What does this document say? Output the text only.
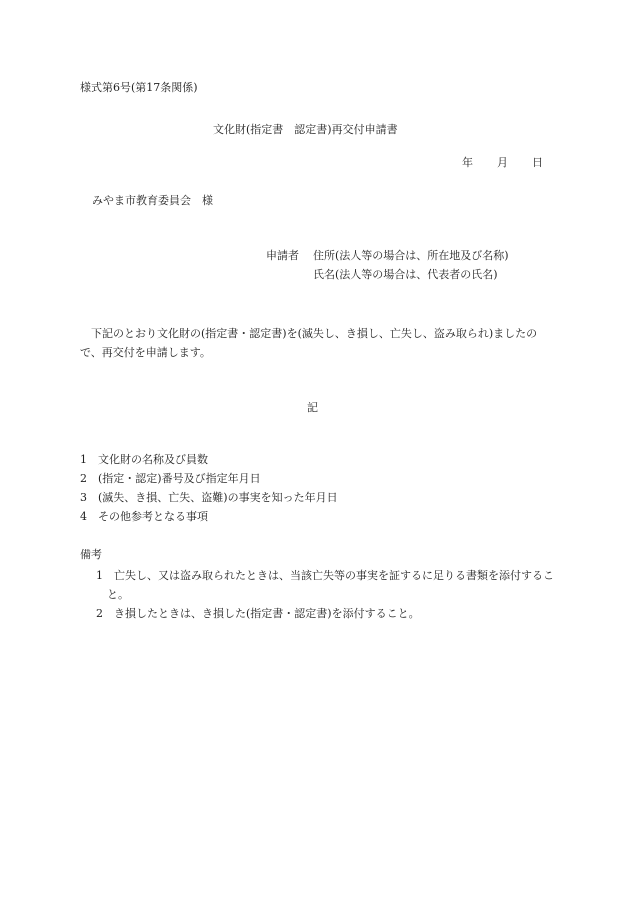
様式第6号(第17条関係)
文化財(指定書　認定書)再交付申請書
年 月 日
みやま市教育委員会　様
申請者 住所(法人等の場合は、所在地及び名称)
氏名(法人等の場合は、代表者の氏名)
下記のとおり文化財の(指定書・認定書)を(滅失し、き損し、亡失し、盗み取られ)ましたので、再交付を申請します。
記
1 文化財の名称及び員数
2 (指定・認定)番号及び指定年月日
3 (滅失、き損、亡失、盗難)の事実を知った年月日
4 その他参考となる事項
備考
1　亡失し、又は盗み取られたときは、当該亡失等の事実を証するに足りる書類を添付すること。
2　き損したときは、き損した(指定書・認定書)を添付すること。
